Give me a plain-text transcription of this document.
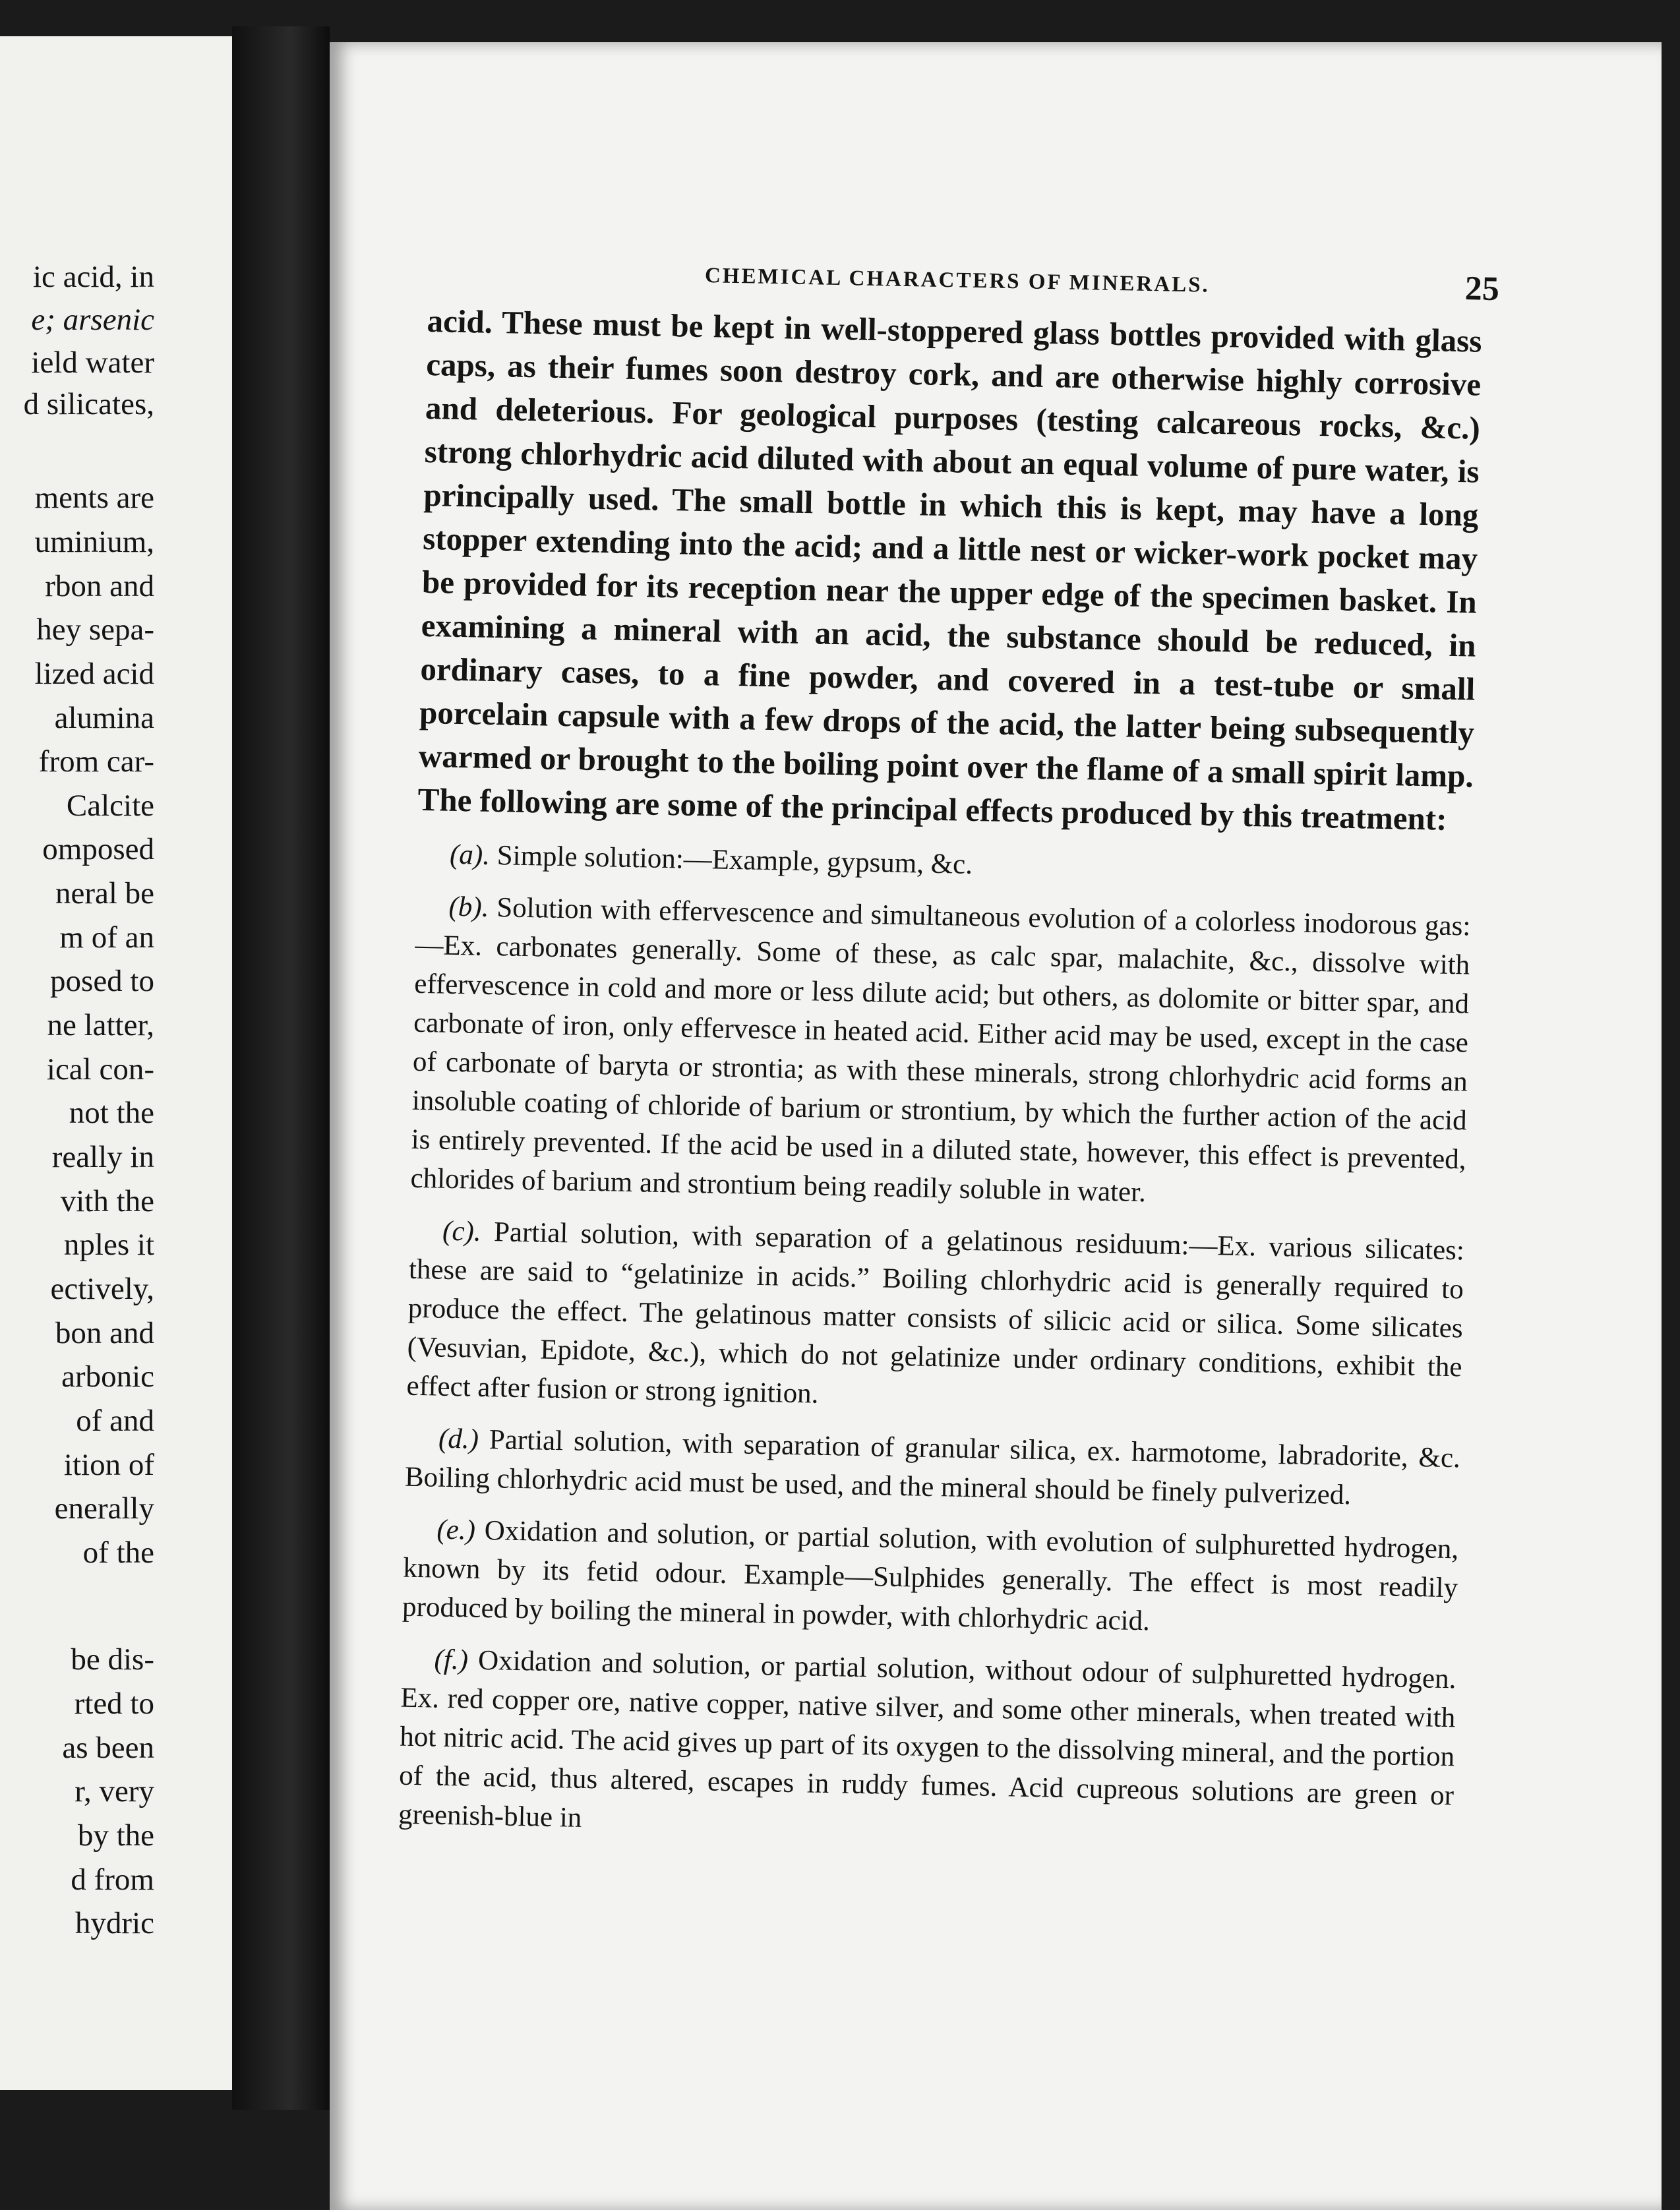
ic acid, in
e; arsenic
ield water
d silicates,
ments are
uminium,
rbon and
hey sepa-
lized acid
alumina
from car-
Calcite
omposed
neral be
m of an
posed to
ne latter,
ical con-
not the
really in
vith the
nples it
ectively,
bon and
arbonic
of and
ition of
enerally
of the
be dis-
rted to
as been
r, very
by the
d from
hydric
CHEMICAL CHARACTERS OF MINERALS.	25

acid. These must be kept in well-stoppered glass bottles provided with glass caps, as their fumes soon destroy cork, and are otherwise highly corrosive and deleterious. For geological purposes (testing calcareous rocks, &c.) strong chlorhydric acid diluted with about an equal volume of pure water, is principally used. The small bottle in which this is kept, may have a long stopper extending into the acid; and a little nest or wicker-work pocket may be provided for its reception near the upper edge of the specimen basket. In examining a mineral with an acid, the substance should be reduced, in ordinary cases, to a fine powder, and covered in a test-tube or small porcelain capsule with a few drops of the acid, the latter being subsequently warmed or brought to the boiling point over the flame of a small spirit lamp. The following are some of the principal effects produced by this treatment:

(a). Simple solution:—Example, gypsum, &c.

(b). Solution with effervescence and simultaneous evolution of a colorless inodorous gas:—Ex. carbonates generally. Some of these, as calc spar, malachite, &c., dissolve with effervescence in cold and more or less dilute acid; but others, as dolomite or bitter spar, and carbonate of iron, only effervesce in heated acid. Either acid may be used, except in the case of carbonate of baryta or strontia; as with these minerals, strong chlorhydric acid forms an insoluble coating of chloride of barium or strontium, by which the further action of the acid is entirely prevented. If the acid be used in a diluted state, however, this effect is prevented, chlorides of barium and strontium being readily soluble in water.

(c). Partial solution, with separation of a gelatinous residuum:—Ex. various silicates: these are said to “gelatinize in acids.” Boiling chlorhydric acid is generally required to produce the effect. The gelatinous matter consists of silicic acid or silica. Some silicates (Vesuvian, Epidote, &c.), which do not gelatinize under ordinary conditions, exhibit the effect after fusion or strong ignition.

(d.) Partial solution, with separation of granular silica, ex. harmotome, labradorite, &c. Boiling chlorhydric acid must be used, and the mineral should be finely pulverized.

(e.) Oxidation and solution, or partial solution, with evolution of sulphuretted hydrogen, known by its fetid odour. Example—Sulphides generally. The effect is most readily produced by boiling the mineral in powder, with chlorhydric acid.

(f.) Oxidation and solution, or partial solution, without odour of sulphuretted hydrogen. Ex. red copper ore, native copper, native silver, and some other minerals, when treated with hot nitric acid. The acid gives up part of its oxygen to the dissolving mineral, and the portion of the acid, thus altered, escapes in ruddy fumes. Acid cupreous solutions are green or greenish-blue in
